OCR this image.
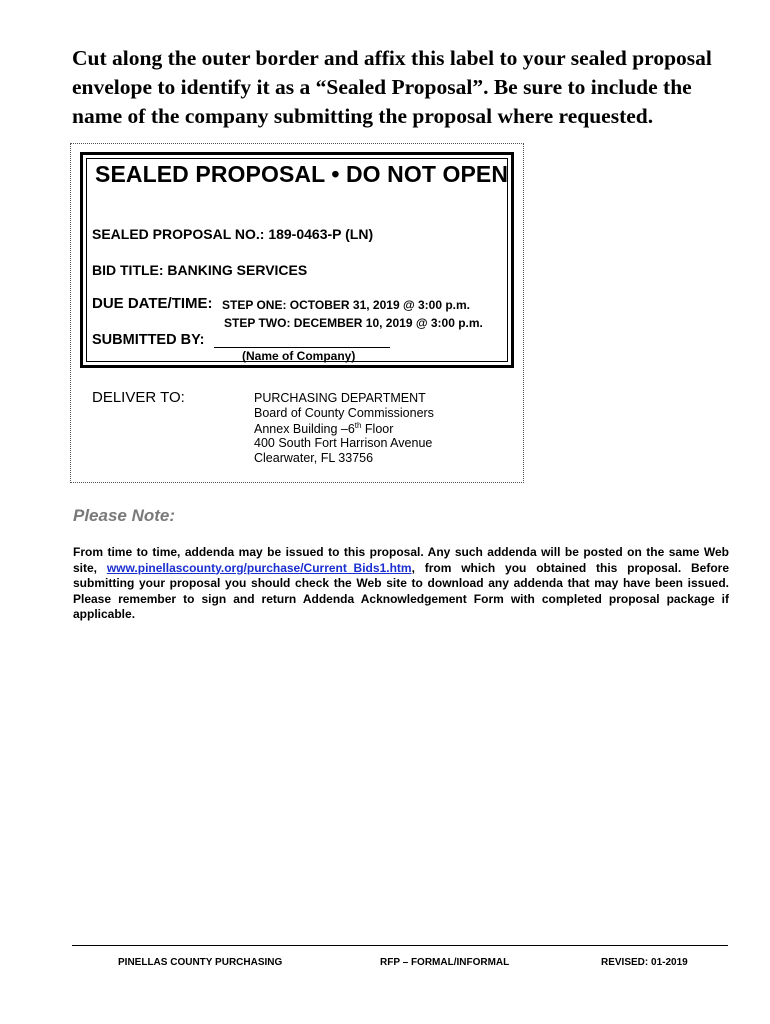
Cut along the outer border and affix this label to your sealed proposal
envelope to identify it as a “Sealed Proposal”. Be sure to include the
name of the company submitting the proposal where requested.
SEALED PROPOSAL • DO NOT OPEN
SEALED PROPOSAL NO.: 189-0463-P (LN)
BID TITLE: BANKING SERVICES
DUE DATE/TIME: STEP ONE: OCTOBER 31, 2019 @ 3:00 p.m.
STEP TWO: DECEMBER 10, 2019 @ 3:00 p.m.
SUBMITTED BY:
(Name of Company)
DELIVER TO:	PURCHASING DEPARTMENT
Board of County Commissioners
Annex Building –6th Floor
400 South Fort Harrison Avenue
Clearwater, FL 33756
Please Note:
From time to time, addenda may be issued to this proposal. Any such addenda will be posted on the same Web site, www.pinellascounty.org/purchase/Current_Bids1.htm, from which you obtained this proposal. Before submitting your proposal you should check the Web site to download any addenda that may have been issued. Please remember to sign and return Addenda Acknowledgement Form with completed proposal package if applicable.
PINELLAS COUNTY PURCHASING	RFP – FORMAL/INFORMAL	REVISED: 01-2019
